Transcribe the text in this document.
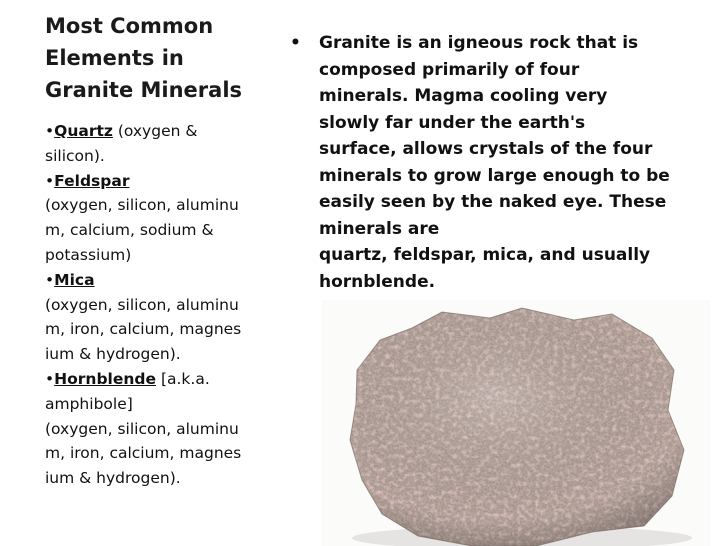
Most Common
Elements in
Granite Minerals
•Quartz (oxygen &
silicon).
•Feldspar
(oxygen, silicon, aluminu
m, calcium, sodium &
potassium)
•Mica
(oxygen, silicon, aluminu
m, iron, calcium, magnes
ium & hydrogen).
•Hornblende [a.k.a.
amphibole]
(oxygen, silicon, aluminu
m, iron, calcium, magnes
ium & hydrogen).
•	Granite is an igneous rock that is
composed primarily of four
minerals. Magma cooling very
slowly far under the earth's
surface, allows crystals of the four
minerals to grow large enough to be
easily seen by the naked eye. These
minerals are
quartz, feldspar, mica, and usually
hornblende.
